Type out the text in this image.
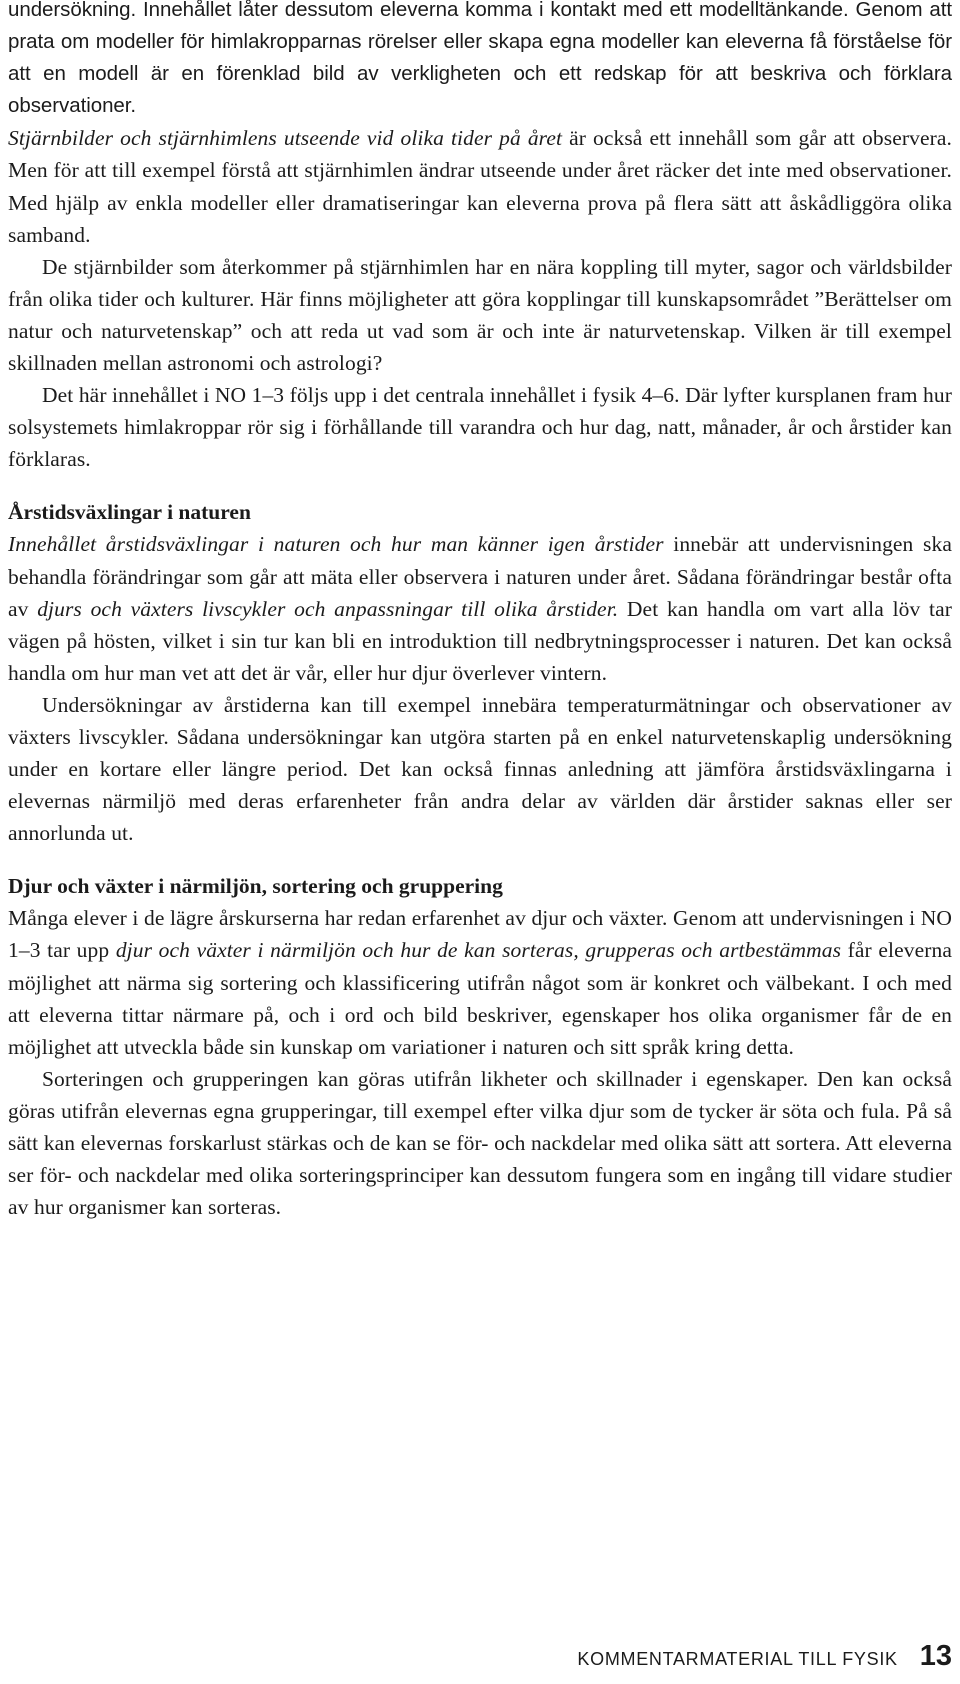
undersökning. Innehållet låter dessutom eleverna komma i kontakt med ett modelltänkande. Genom att prata om modeller för himlakropparnas rörelser eller skapa egna modeller kan eleverna få förståelse för att en modell är en förenklad bild av verkligheten och ett redskap för att beskriva och förklara observationer.

Stjärnbilder och stjärnhimlens utseende vid olika tider på året är också ett innehåll som går att observera. Men för att till exempel förstå att stjärnhimlen ändrar utseende under året räcker det inte med observationer. Med hjälp av enkla modeller eller dramatiseringar kan eleverna prova på flera sätt att åskådliggöra olika samband.

De stjärnbilder som återkommer på stjärnhimlen har en nära koppling till myter, sagor och världsbilder från olika tider och kulturer. Här finns möjligheter att göra kopplingar till kunskapsområdet ”Berättelser om natur och naturvetenskap” och att reda ut vad som är och inte är naturvetenskap. Vilken är till exempel skillnaden mellan astronomi och astrologi?

Det här innehållet i NO 1–3 följs upp i det centrala innehållet i fysik 4–6. Där lyfter kursplanen fram hur solsystemets himlakroppar rör sig i förhållande till varandra och hur dag, natt, månader, år och årstider kan förklaras.

Årstidsväxlingar i naturen

Innehållet årstidsväxlingar i naturen och hur man känner igen årstider innebär att undervisningen ska behandla förändringar som går att mäta eller observera i naturen under året. Sådana förändringar består ofta av djurs och växters livscykler och anpassningar till olika årstider. Det kan handla om vart alla löv tar vägen på hösten, vilket i sin tur kan bli en introduktion till nedbrytningsprocesser i naturen. Det kan också handla om hur man vet att det är vår, eller hur djur överlever vintern.

Undersökningar av årstiderna kan till exempel innebära temperaturmätningar och observationer av växters livscykler. Sådana undersökningar kan utgöra starten på en enkel naturvetenskaplig undersökning under en kortare eller längre period. Det kan också finnas anledning att jämföra årstidsväxlingarna i elevernas närmiljö med deras erfarenheter från andra delar av världen där årstider saknas eller ser annorlunda ut.

Djur och växter i närmiljön, sortering och gruppering

Många elever i de lägre årskurserna har redan erfarenhet av djur och växter. Genom att undervisningen i NO 1–3 tar upp djur och växter i närmiljön och hur de kan sorteras, grupperas och artbestämmas får eleverna möjlighet att närma sig sortering och klassificering utifrån något som är konkret och välbekant. I och med att eleverna tittar närmare på, och i ord och bild beskriver, egenskaper hos olika organismer får de en möjlighet att utveckla både sin kunskap om variationer i naturen och sitt språk kring detta.

Sorteringen och grupperingen kan göras utifrån likheter och skillnader i egenskaper. Den kan också göras utifrån elevernas egna grupperingar, till exempel efter vilka djur som de tycker är söta och fula. På så sätt kan elevernas forskarlust stärkas och de kan se för- och nackdelar med olika sätt att sortera. Att eleverna ser för- och nackdelar med olika sorteringsprinciper kan dessutom fungera som en ingång till vidare studier av hur organismer kan sorteras.

KOMMENTARMATERIAL TILL FYSIK 13
